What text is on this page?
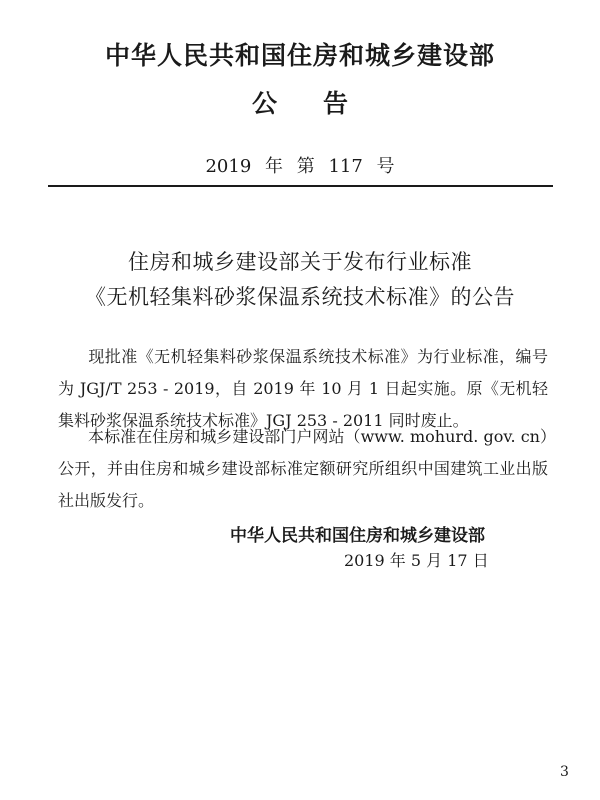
中华人民共和国住房和城乡建设部
公告
2019 年 第 117 号
住房和城乡建设部关于发布行业标准
《无机轻集料砂浆保温系统技术标准》的公告
现批准《无机轻集料砂浆保温系统技术标准》为行业标准，编号为 JGJ/T 253 - 2019，自 2019 年 10 月 1 日起实施。原《无机轻集料砂浆保温系统技术标准》JGJ 253 - 2011 同时废止。
本标准在住房和城乡建设部门户网站（www. mohurd. gov. cn）公开，并由住房和城乡建设部标准定额研究所组织中国建筑工业出版社出版发行。
中华人民共和国住房和城乡建设部
2019 年 5 月 17 日
3
